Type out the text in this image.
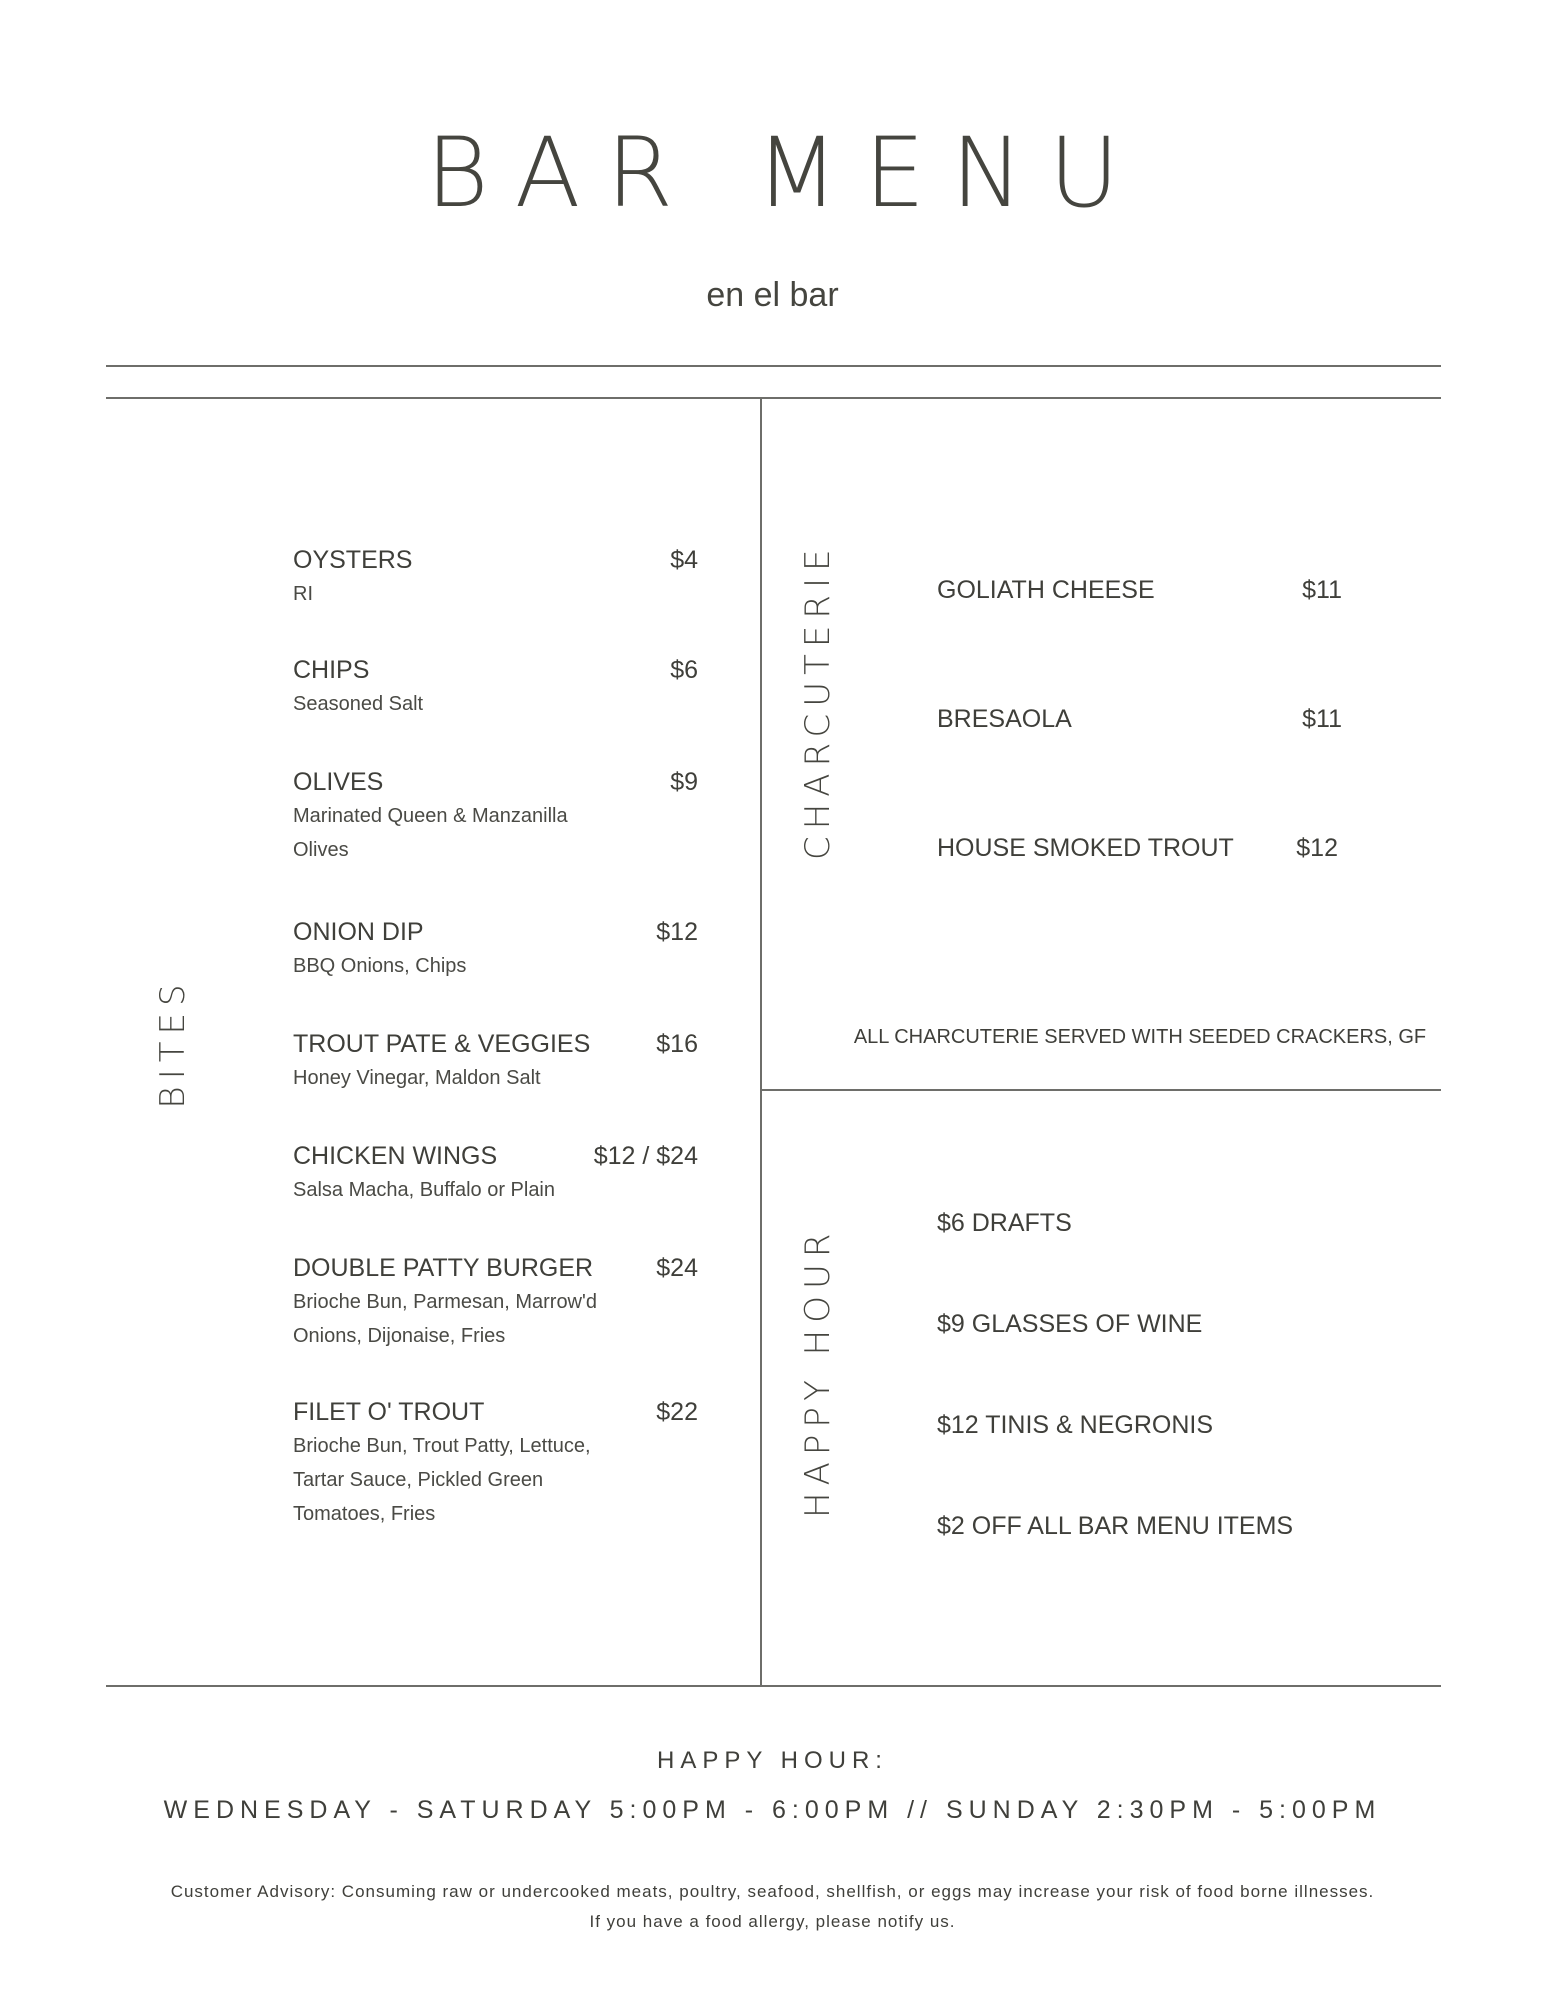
BAR MENU
en el bar
BITES
OYSTERS	$4
RI
CHIPS	$6
Seasoned Salt
OLIVES	$9
Marinated Queen & Manzanilla Olives
ONION DIP	$12
BBQ Onions, Chips
TROUT PATE & VEGGIES	$16
Honey Vinegar, Maldon Salt
CHICKEN WINGS	$12 / $24
Salsa Macha, Buffalo or Plain
DOUBLE PATTY BURGER	$24
Brioche Bun, Parmesan, Marrow'd Onions, Dijonaise, Fries
FILET O' TROUT	$22
Brioche Bun, Trout Patty, Lettuce, Tartar Sauce, Pickled Green Tomatoes, Fries
CHARCUTERIE	GOLIATH CHEESE	$11
BRESAOLA	$11
HOUSE SMOKED TROUT $12
ALL CHARCUTERIE SERVED WITH SEEDED CRACKERS, GF
HAPPY HOUR
$6 DRAFTS
$9 GLASSES OF WINE
$12 TINIS & NEGRONIS
$2 OFF ALL BAR MENU ITEMS
HAPPY HOUR:
WEDNESDAY - SATURDAY 5:00PM - 6:00PM // SUNDAY 2:30PM - 5:00PM
Customer Advisory: Consuming raw or undercooked meats, poultry, seafood, shellfish, or eggs may increase your risk of food borne illnesses.
If you have a food allergy, please notify us.
